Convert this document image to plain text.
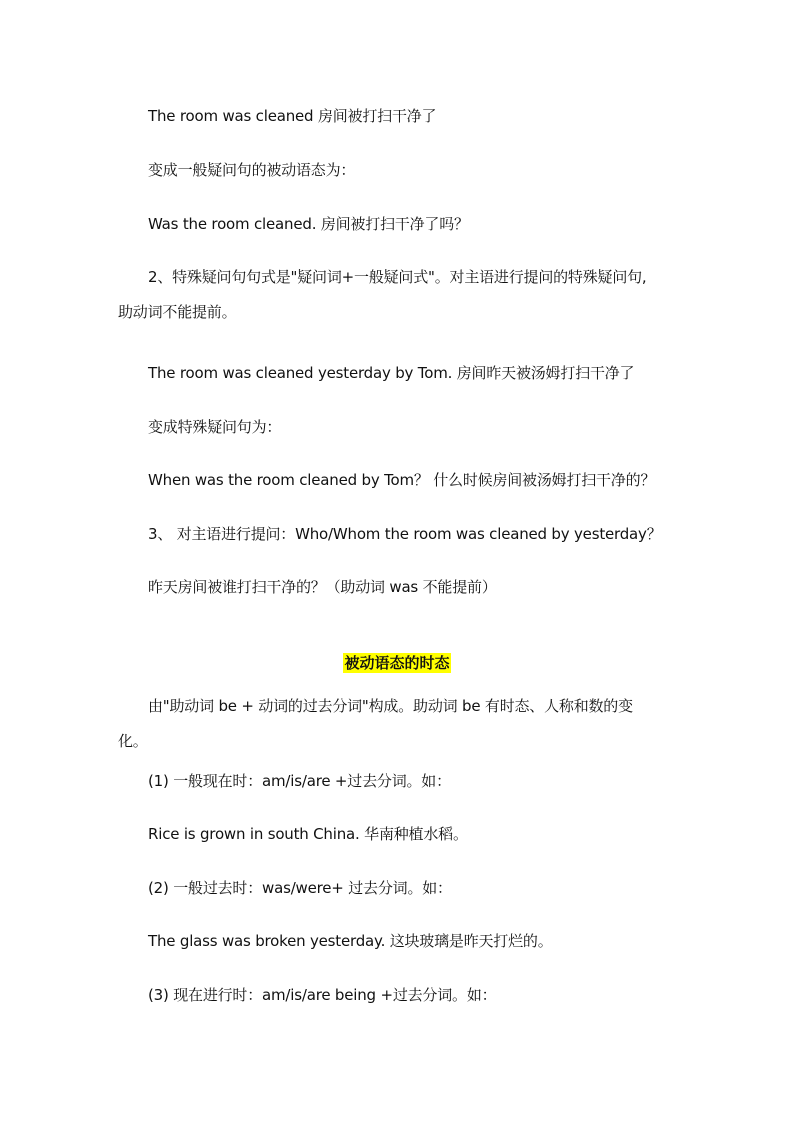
The room was cleaned 房间被打扫干净了
变成一般疑问句的被动语态为：
Was the room cleaned. 房间被打扫干净了吗？
2、特殊疑问句句式是"疑问词+一般疑问式"。对主语进行提问的特殊疑问句,
助动词不能提前。
The room was cleaned yesterday by Tom. 房间昨天被汤姆打扫干净了
变成特殊疑问句为：
When was the room cleaned by Tom？ 什么时候房间被汤姆打扫干净的？
3、 对主语进行提问：Who/Whom the room was cleaned by yesterday？
昨天房间被谁打扫干净的？（助动词 was 不能提前）
被动语态的时态
由"助动词 be + 动词的过去分词"构成。助动词 be 有时态、人称和数的变
化。
(1) 一般现在时：am/is/are +过去分词。如：
Rice is grown in south China. 华南种植水稻。
(2) 一般过去时：was/were+ 过去分词。如：
The glass was broken yesterday. 这块玻璃是昨天打烂的。
(3) 现在进行时：am/is/are being +过去分词。如：
